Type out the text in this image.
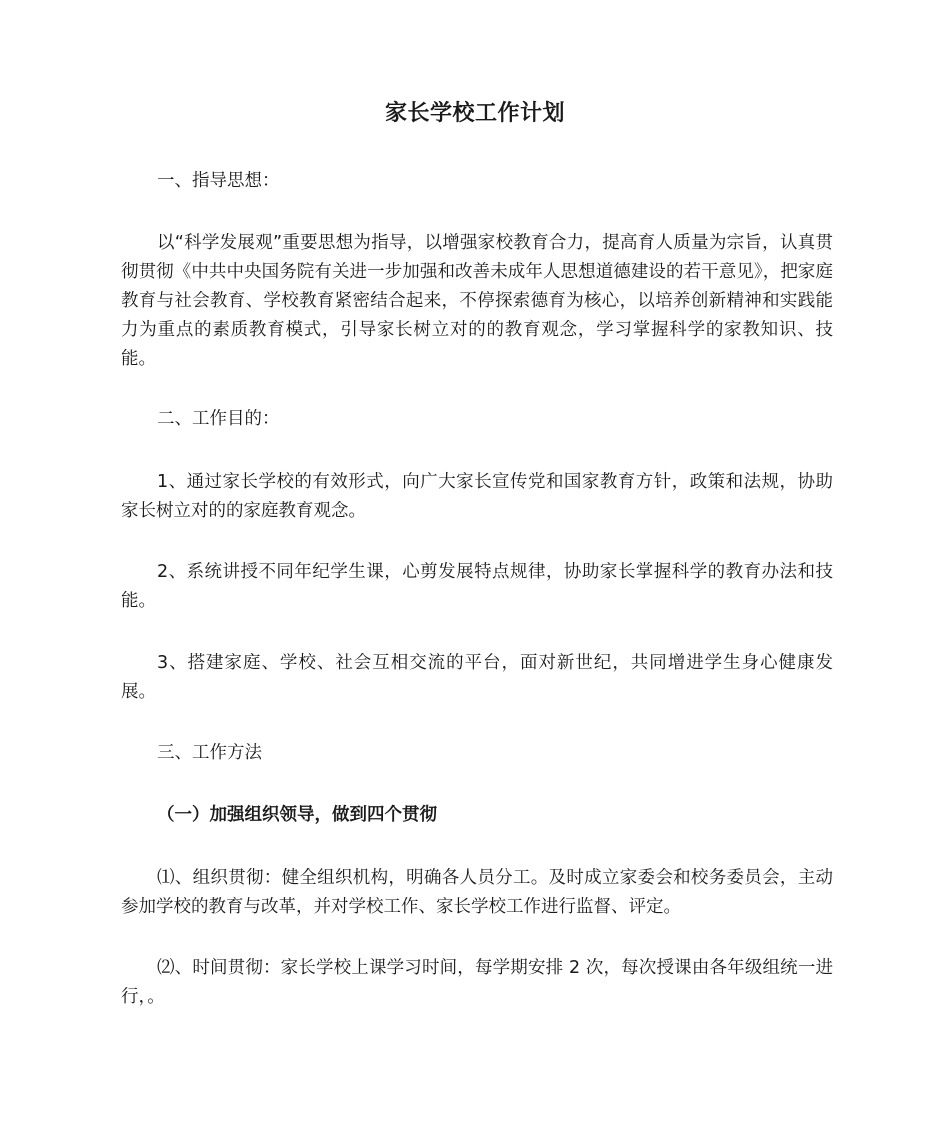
家长学校工作计划

一、指导思想：

以“科学发展观”重要思想为指导，以增强家校教育合力，提高育人质量为宗旨，认真贯彻贯彻《中共中央国务院有关进一步加强和改善未成年人思想道德建设的若干意见》，把家庭教育与社会教育、学校教育紧密结合起来，不停探索德育为核心，以培养创新精神和实践能力为重点的素质教育模式，引导家长树立对的的教育观念，学习掌握科学的家教知识、技能。

二、工作目的：

1、通过家长学校的有效形式，向广大家长宣传党和国家教育方针，政策和法规，协助家长树立对的的家庭教育观念。

2、系统讲授不同年纪学生课，心剪发展特点规律，协助家长掌握科学的教育办法和技能。

3、搭建家庭、学校、社会互相交流的平台，面对新世纪，共同增进学生身心健康发展。

三、工作方法

（一）加强组织领导，做到四个贯彻

⑴、组织贯彻：健全组织机构，明确各人员分工。及时成立家委会和校务委员会，主动参加学校的教育与改革，并对学校工作、家长学校工作进行监督、评定。

⑵、时间贯彻：家长学校上课学习时间，每学期安排 2 次，每次授课由各年级组统一进行，。
